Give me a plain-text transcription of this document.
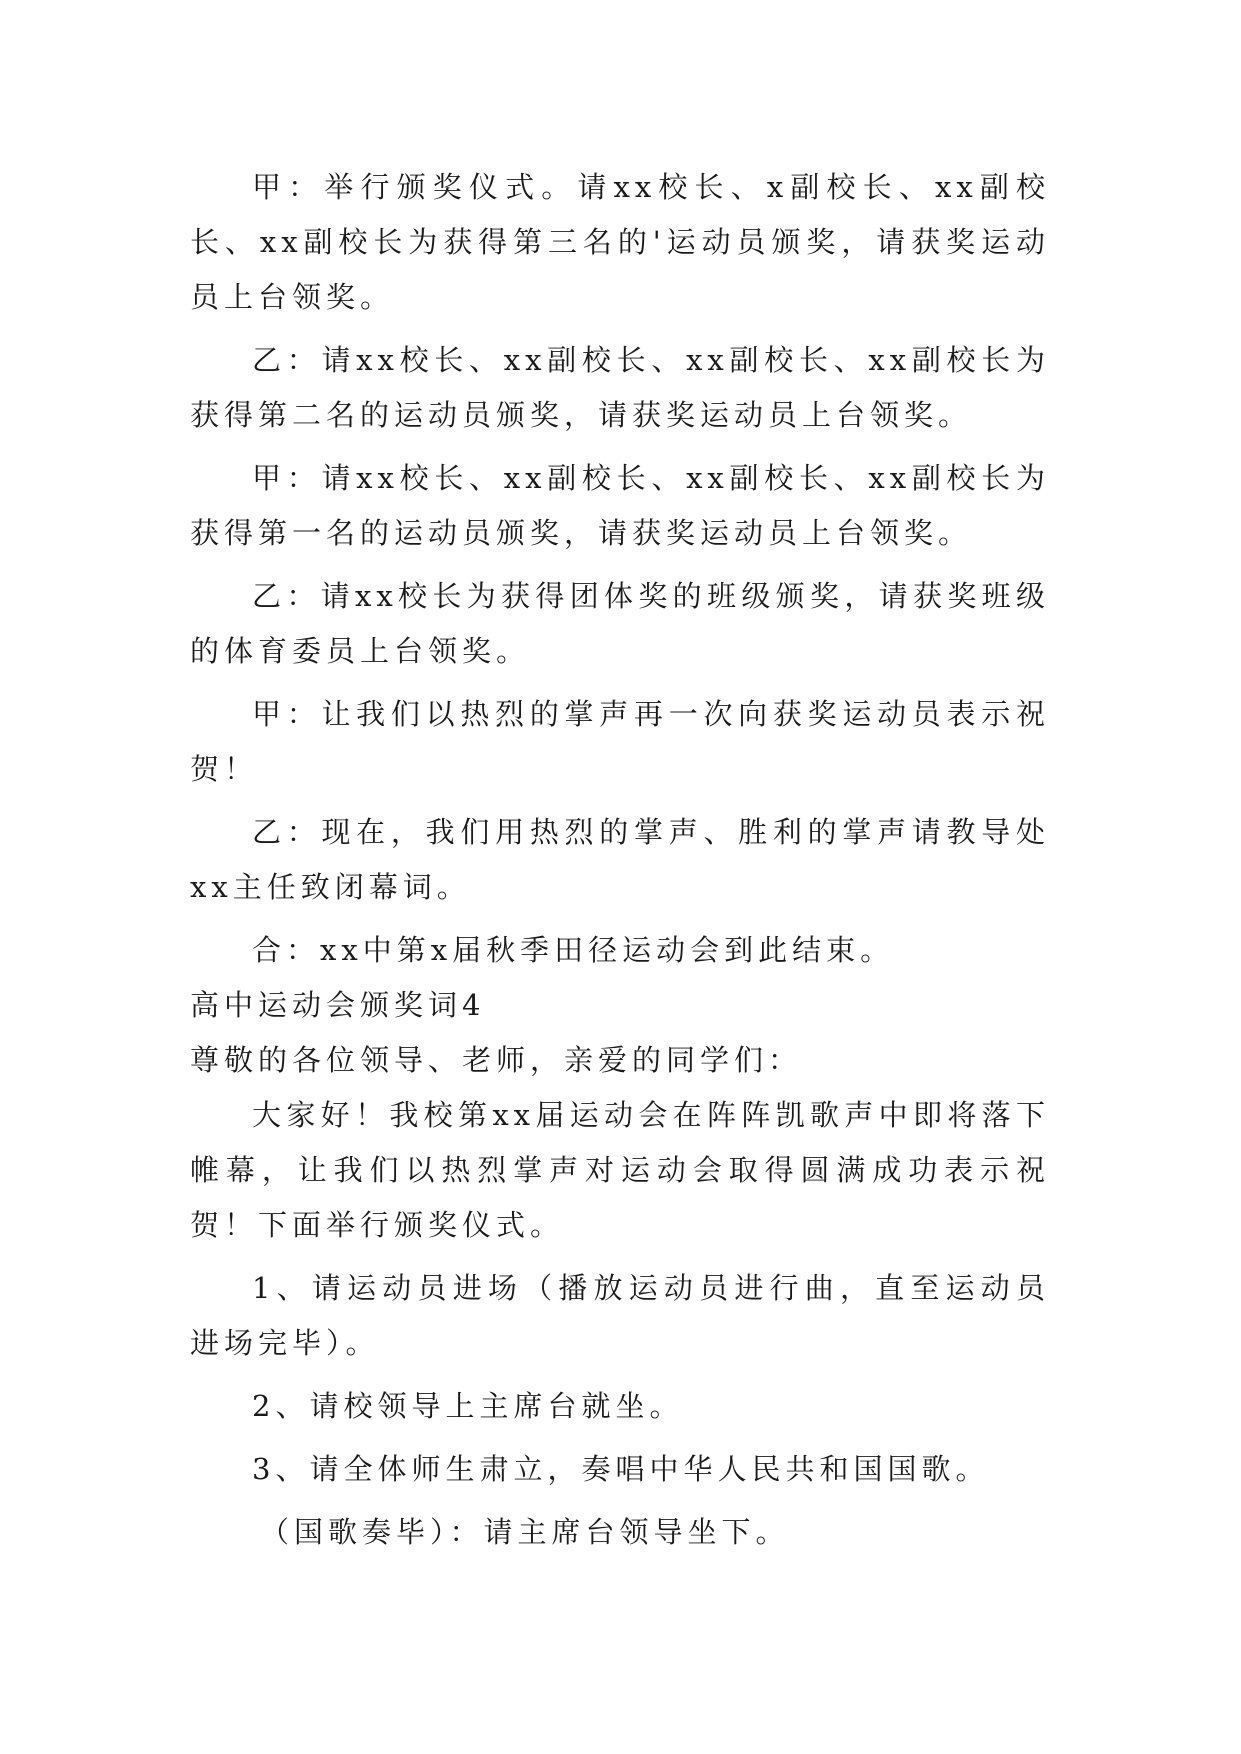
甲：举行颁奖仪式。请xx校长、x副校长、xx副校长、xx副校长为获得第三名的'运动员颁奖，请获奖运动员上台领奖。

乙：请xx校长、xx副校长、xx副校长、xx副校长为获得第二名的运动员颁奖，请获奖运动员上台领奖。

甲：请xx校长、xx副校长、xx副校长、xx副校长为获得第一名的运动员颁奖，请获奖运动员上台领奖。

乙：请xx校长为获得团体奖的班级颁奖，请获奖班级的体育委员上台领奖。

甲：让我们以热烈的掌声再一次向获奖运动员表示祝贺！

乙：现在，我们用热烈的掌声、胜利的掌声请教导处xx主任致闭幕词。

合：xx中第x届秋季田径运动会到此结束。

高中运动会颁奖词4

尊敬的各位领导、老师，亲爱的同学们：

大家好！我校第xx届运动会在阵阵凯歌声中即将落下帷幕，让我们以热烈掌声对运动会取得圆满成功表示祝贺！下面举行颁奖仪式。

1、请运动员进场（播放运动员进行曲，直至运动员进场完毕）。

2、请校领导上主席台就坐。

3、请全体师生肃立，奏唱中华人民共和国国歌。

（国歌奏毕）：请主席台领导坐下。
